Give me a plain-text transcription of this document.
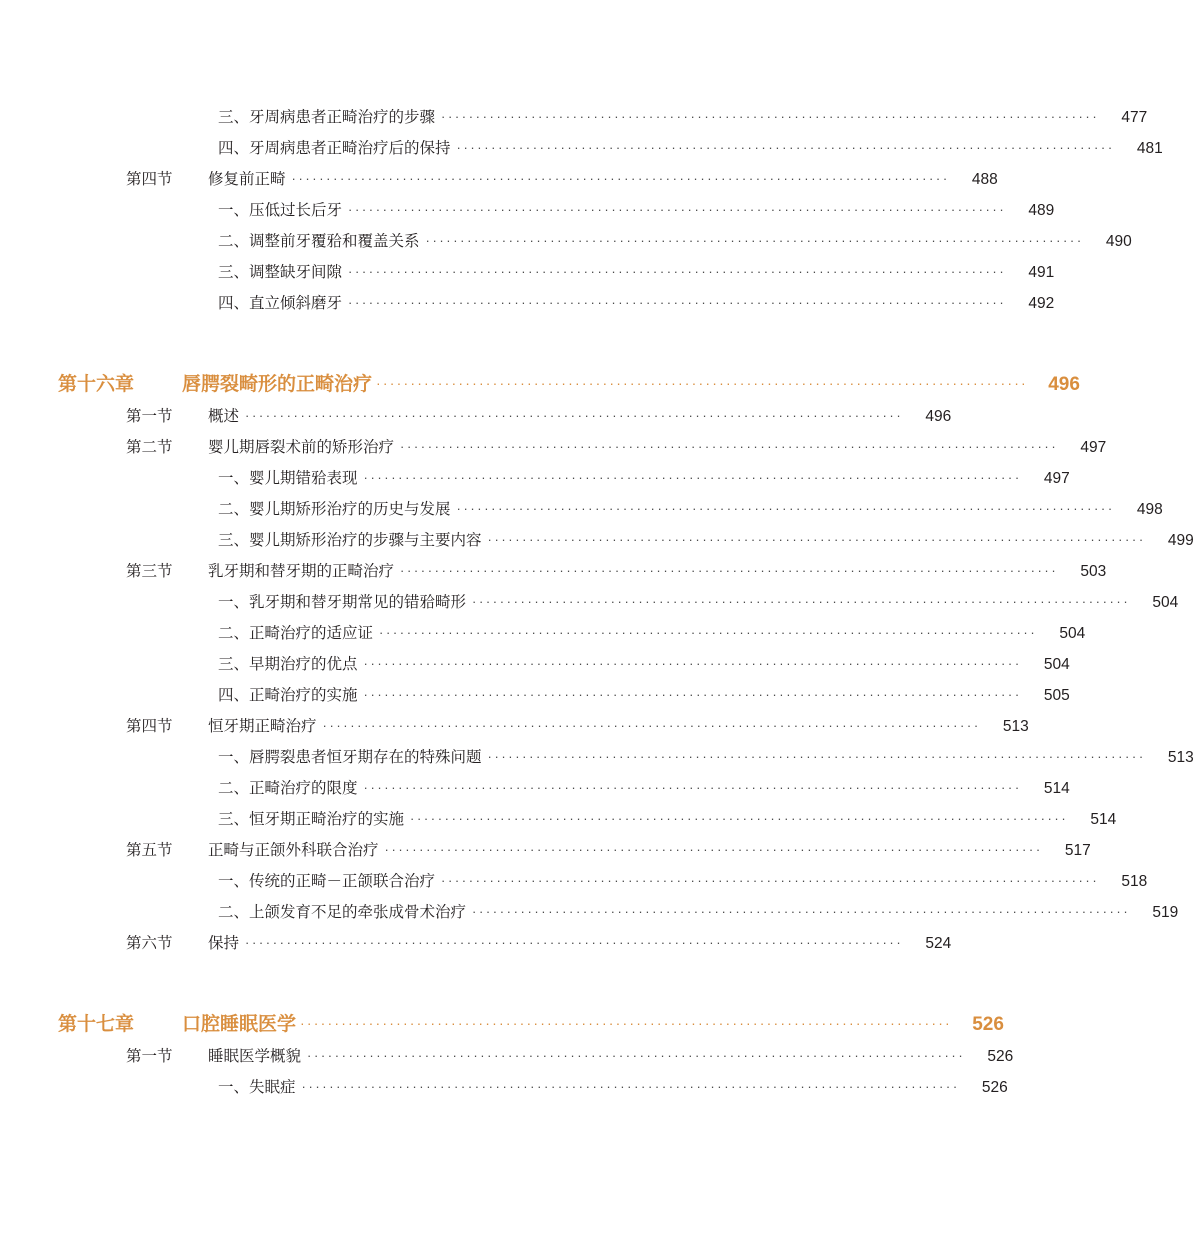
三、牙周病患者正畸治疗的步骤 ·······························································································	477
四、牙周病患者正畸治疗后的保持 ·······························································································	481
第四节	修复前正畸 ·······························································································	488
一、压低过长后牙 ·······························································································	489
二、调整前牙覆𬌗和覆盖关系 ·······························································································	490
三、调整缺牙间隙 ·······························································································	491
四、直立倾斜磨牙 ·······························································································	492
第十六章	唇腭裂畸形的正畸治疗 ·······························································································	496
第一节	概述 ·······························································································	496
第二节	婴儿期唇裂术前的矫形治疗 ·······························································································	497
一、婴儿期错𬌗表现 ·······························································································	497
二、婴儿期矫形治疗的历史与发展 ·······························································································	498
三、婴儿期矫形治疗的步骤与主要内容 ·······························································································	499
第三节	乳牙期和替牙期的正畸治疗 ·······························································································	503
一、乳牙期和替牙期常见的错𬌗畸形 ·······························································································	504
二、正畸治疗的适应证 ·······························································································	504
三、早期治疗的优点 ·······························································································	504
四、正畸治疗的实施 ·······························································································	505
第四节	恒牙期正畸治疗 ·······························································································	513
一、唇腭裂患者恒牙期存在的特殊问题 ·······························································································	513
二、正畸治疗的限度 ·······························································································	514
三、恒牙期正畸治疗的实施 ·······························································································	514
第五节	正畸与正颌外科联合治疗 ·······························································································	517
一、传统的正畸－正颌联合治疗 ·······························································································	518
二、上颌发育不足的牵张成骨术治疗 ·······························································································	519
第六节	保持 ·······························································································	524
第十七章	口腔睡眠医学 ·······························································································	526
第一节	睡眠医学概貌 ·······························································································	526
一、失眠症 ·······························································································	526
